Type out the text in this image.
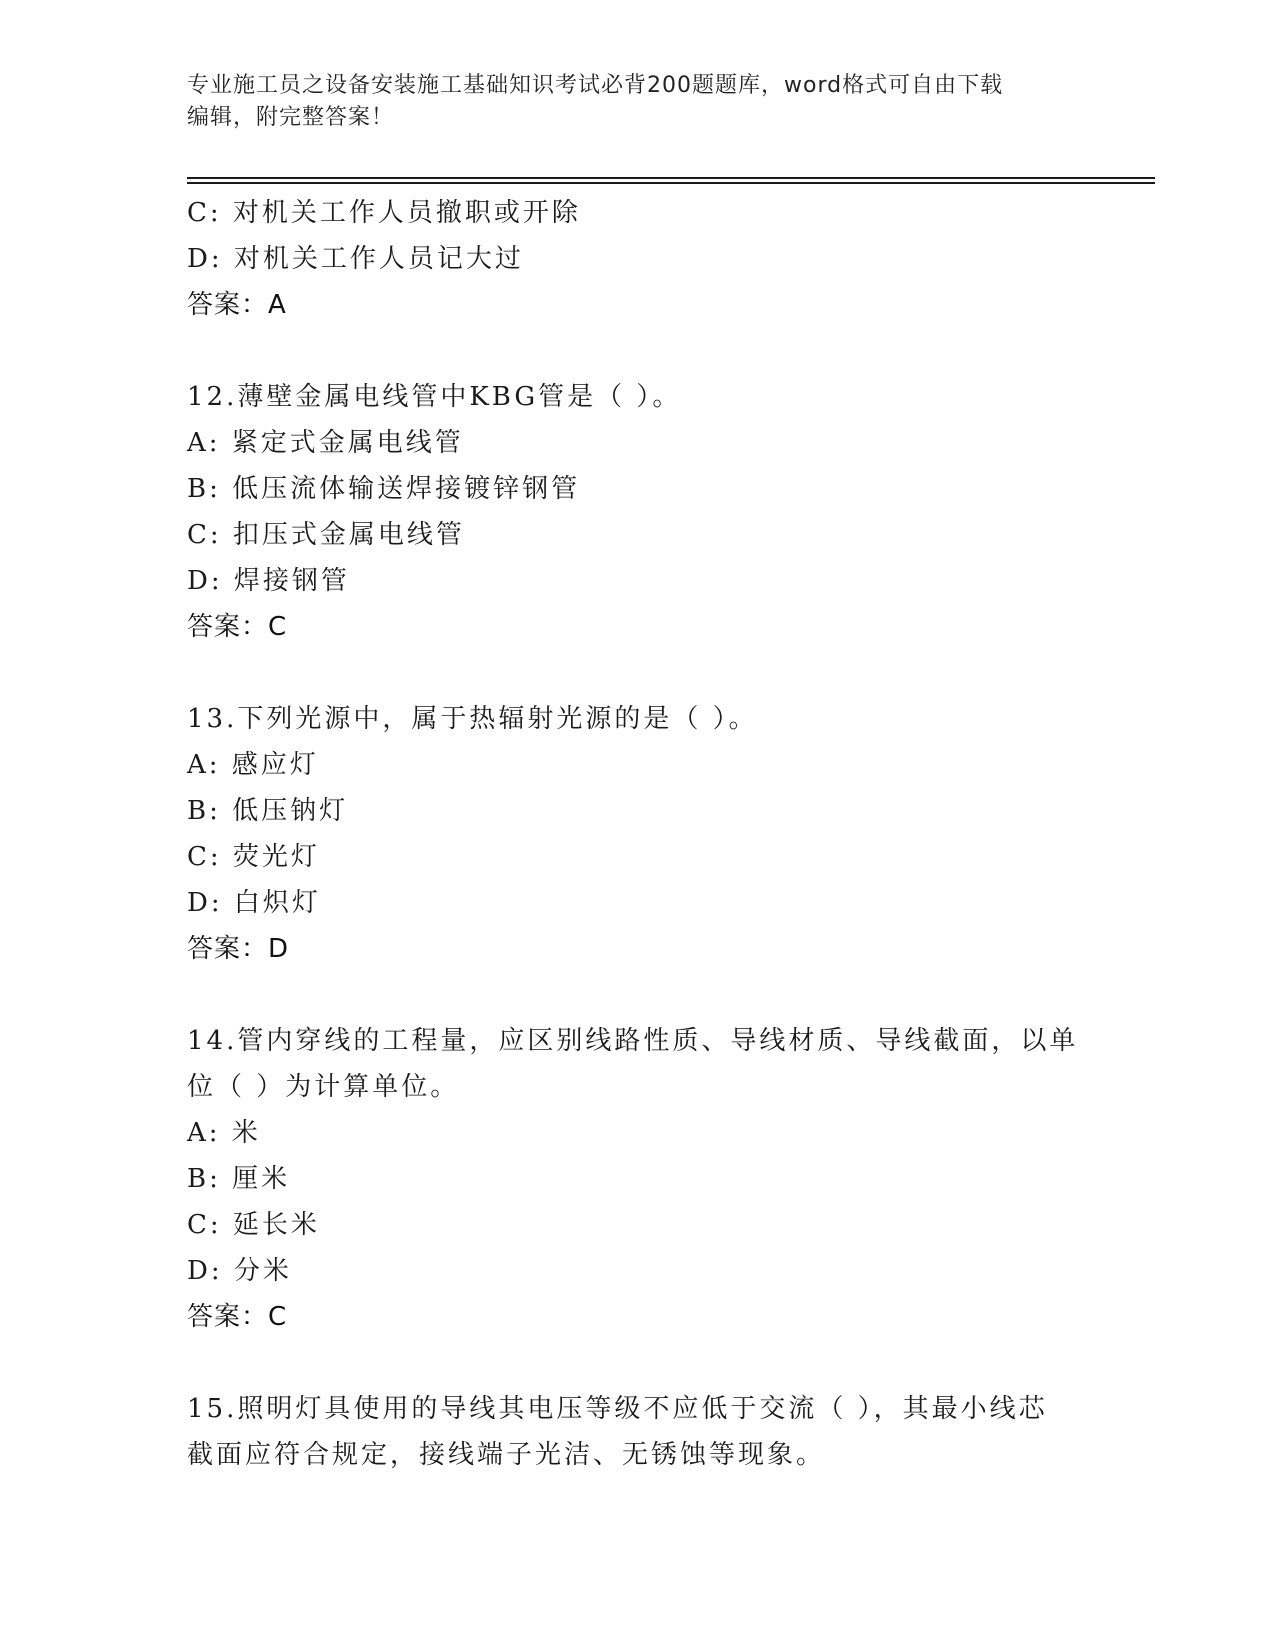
专业施工员之设备安装施工基础知识考试必背200题题库，word格式可自由下载
编辑，附完整答案！
C: 对机关工作人员撤职或开除
D: 对机关工作人员记大过
答案：A
12.薄壁金属电线管中KBG管是（ ）。
A: 紧定式金属电线管
B: 低压流体输送焊接镀锌钢管
C: 扣压式金属电线管
D: 焊接钢管
答案：C
13.下列光源中，属于热辐射光源的是（ ）。
A: 感应灯
B: 低压钠灯
C: 荧光灯
D: 白炽灯
答案：D
14.管内穿线的工程量，应区别线路性质、导线材质、导线截面，以单
位（ ）为计算单位。
A: 米
B: 厘米
C: 延长米
D: 分米
答案：C
15.照明灯具使用的导线其电压等级不应低于交流（ ），其最小线芯
截面应符合规定，接线端子光洁、无锈蚀等现象。
